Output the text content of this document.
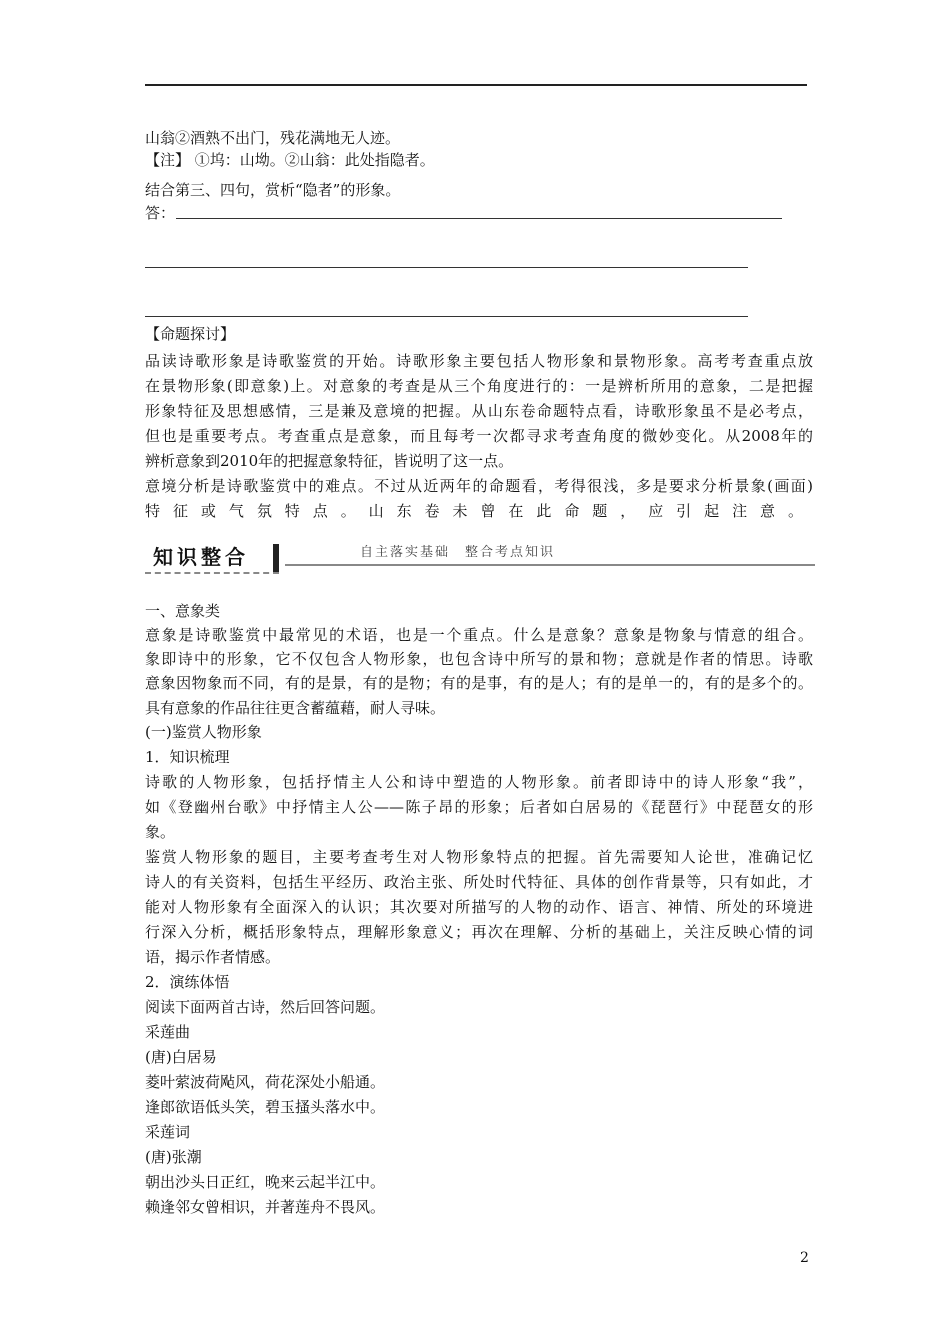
山翁②酒熟不出门，残花满地无人迹。
【注】 ①坞：山坳。②山翁：此处指隐者。
结合第三、四句，赏析“隐者”的形象。
答：
【命题探讨】
品读诗歌形象是诗歌鉴赏的开始。诗歌形象主要包括人物形象和景物形象。高考考查重点放
在景物形象(即意象)上。对意象的考查是从三个角度进行的：一是辨析所用的意象，二是把握
形象特征及思想感情，三是兼及意境的把握。从山东卷命题特点看，诗歌形象虽不是必考点，
但也是重要考点。考查重点是意象，而且每考一次都寻求考查角度的微妙变化。从2008年的
辨析意象到2010年的把握意象特征，皆说明了这一点。
意境分析是诗歌鉴赏中的难点。不过从近两年的命题看，考得很浅，多是要求分析景象(画面)
特征或气氛特点。山东卷未曾在此命题，应引起注意。
知识整合	自主落实基础　整合考点知识
一、意象类
意象是诗歌鉴赏中最常见的术语，也是一个重点。什么是意象？意象是物象与情意的组合。
象即诗中的形象，它不仅包含人物形象，也包含诗中所写的景和物；意就是作者的情思。诗歌
意象因物象而不同，有的是景，有的是物；有的是事，有的是人；有的是单一的，有的是多个的。
具有意象的作品往往更含蓄蕴藉，耐人寻味。
(一)鉴赏人物形象
1．知识梳理
诗歌的人物形象，包括抒情主人公和诗中塑造的人物形象。前者即诗中的诗人形象“我”，
如《登幽州台歌》中抒情主人公——陈子昂的形象；后者如白居易的《琵琶行》中琵琶女的形
象。
鉴赏人物形象的题目，主要考查考生对人物形象特点的把握。首先需要知人论世，准确记忆
诗人的有关资料，包括生平经历、政治主张、所处时代特征、具体的创作背景等，只有如此，才
能对人物形象有全面深入的认识；其次要对所描写的人物的动作、语言、神情、所处的环境进
行深入分析，概括形象特点，理解形象意义；再次在理解、分析的基础上，关注反映心情的词
语，揭示作者情感。
2．演练体悟
阅读下面两首古诗，然后回答问题。
采莲曲
(唐)白居易
菱叶萦波荷飐风，荷花深处小船通。
逢郎欲语低头笑，碧玉搔头落水中。
采莲词
(唐)张潮
朝出沙头日正红，晚来云起半江中。
赖逢邻女曾相识，并著莲舟不畏风。
2
